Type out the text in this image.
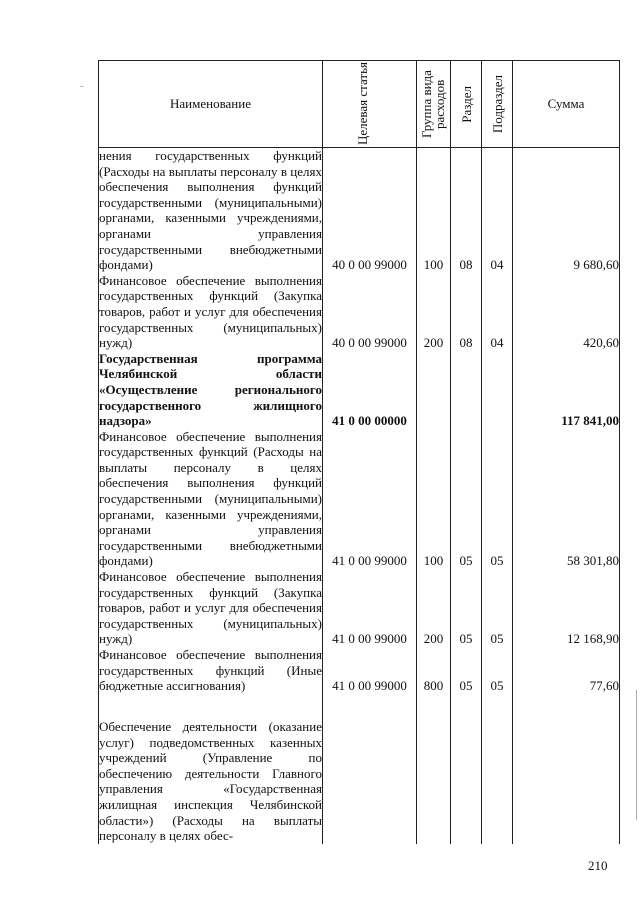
Наименование	Целевая статья	Группа вида расходов	Раздел	Подраздел	Сумма
нения государственных функций (Расходы на выплаты персоналу в целях обеспечения выполнения функций государственными (муниципальными) органами, казенными учреждениями, органами управления государственными внебюджетными фондами)	40 0 00 99000	100	08	04	9 680,60
Финансовое обеспечение выполнения государственных функций (Закупка товаров, работ и услуг для обеспечения государственных (муниципальных) нужд)	40 0 00 99000	200	08	04	420,60
Государственная программа Челябинской области «Осуществление регионального государственного жилищного надзора»	41 0 00 00000				117 841,00
Финансовое обеспечение выполнения государственных функций (Расходы на выплаты персоналу в целях обеспечения выполнения функций государственными (муниципальными) органами, казенными учреждениями, органами управления государственными внебюджетными фондами)	41 0 00 99000	100	05	05	58 301,80
Финансовое обеспечение выполнения государственных функций (Закупка товаров, работ и услуг для обеспечения государственных (муниципальных) нужд)	41 0 00 99000	200	05	05	12 168,90
Финансовое обеспечение выполнения государственных функций (Иные бюджетные ассигнования)	41 0 00 99000	800	05	05	77,60
Обеспечение деятельности (оказание услуг) подведомственных казенных учреждений (Управление по обеспечению деятельности Главного управления «Государственная жилищная инспекция Челябинской области») (Расходы на выплаты персоналу в целях обес-					
210
